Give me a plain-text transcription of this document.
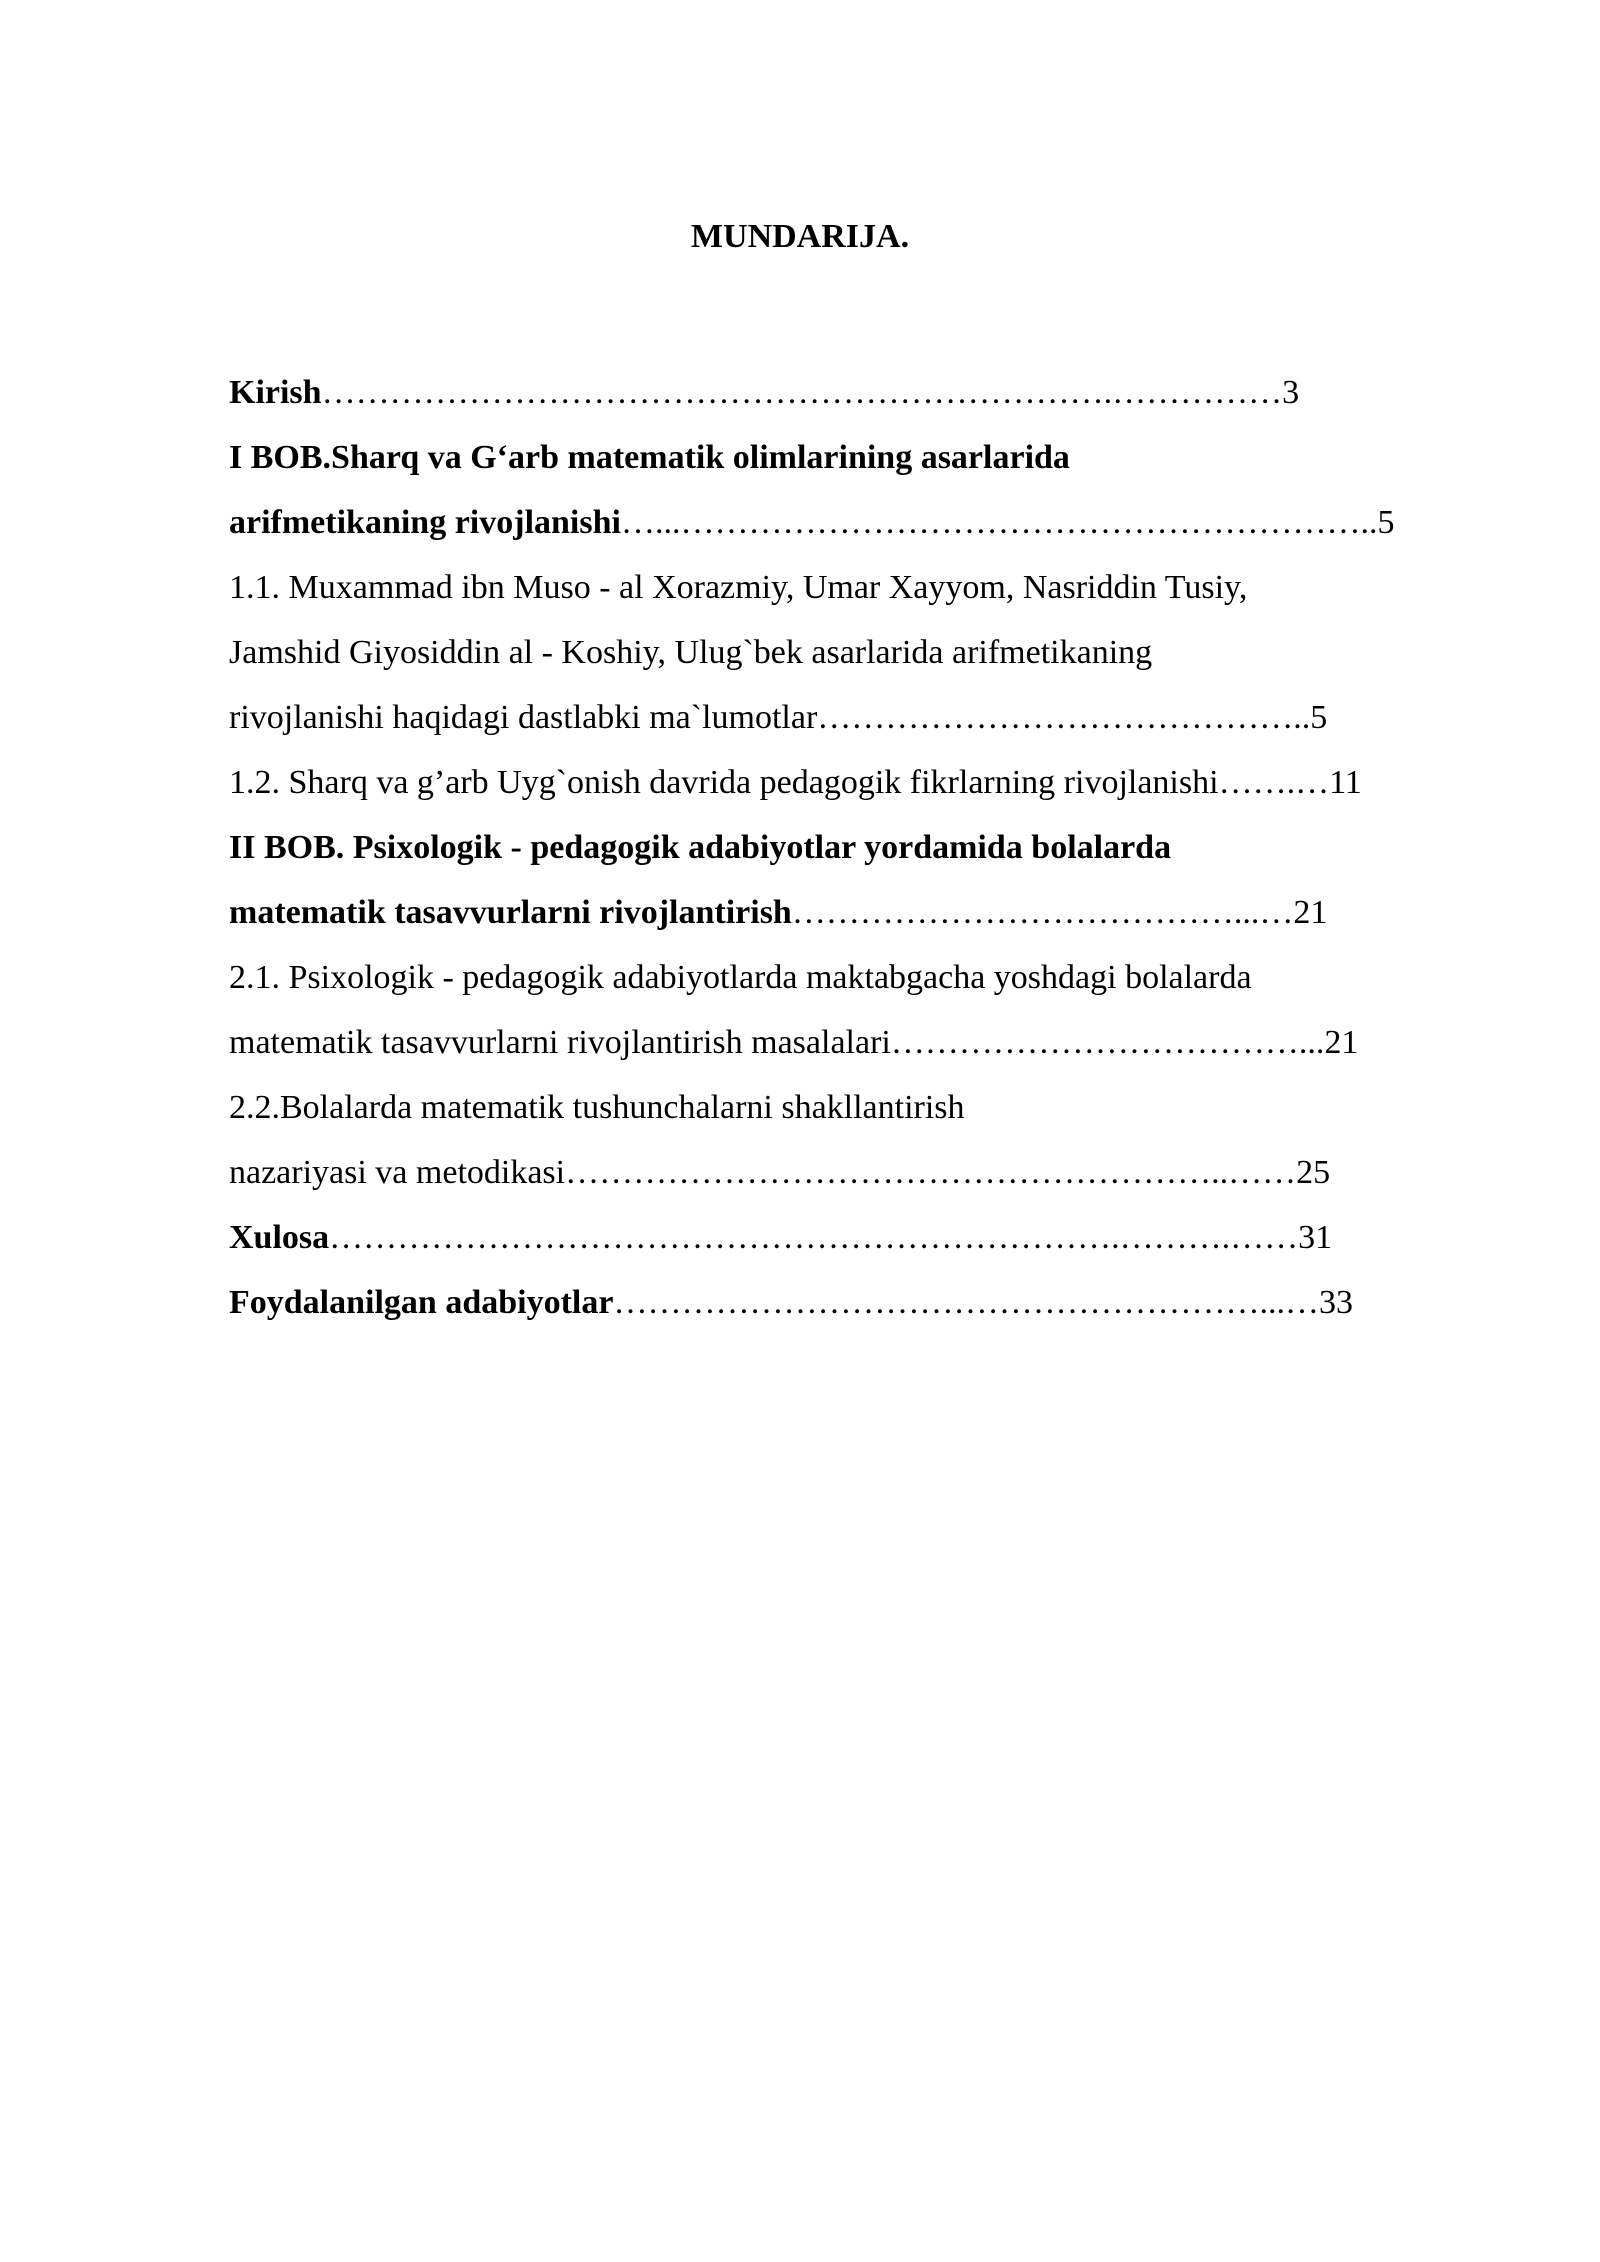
MUNDARIJA.
Kirish…………………………………………………………….……………3
I BOB.Sharq va G‘arb matematik olimlarining asarlarida
arifmetikaning rivojlanishi…...……………………………………………………..5
1.1. Muxammad ibn Muso - al Xorazmiy, Umar Xayyom, Nasriddin Tusiy,
Jamshid Giyosiddin al - Koshiy, Ulug`bek asarlarida arifmetikaning
rivojlanishi haqidagi dastlabki ma`lumotlar……………………………………..5
1.2. Sharq va g’arb Uyg`onish davrida pedagogik fikrlarning rivojlanishi…….…11
II BOB. Psixologik - pedagogik adabiyotlar yordamida bolalarda
matematik tasavvurlarni rivojlantirish…………………………………...…21
2.1. Psixologik - pedagogik adabiyotlarda maktabgacha yoshdagi bolalarda
matematik tasavvurlarni rivojlantirish masalalari………………………………...21
2.2.Bolalarda matematik tushunchalarni shakllantirish
nazariyasi va metodikasi…………………………………………………..……25
Xulosa…………………………………………………………….……….……31
Foydalanilgan adabiyotlar…………………………………………………...…33
